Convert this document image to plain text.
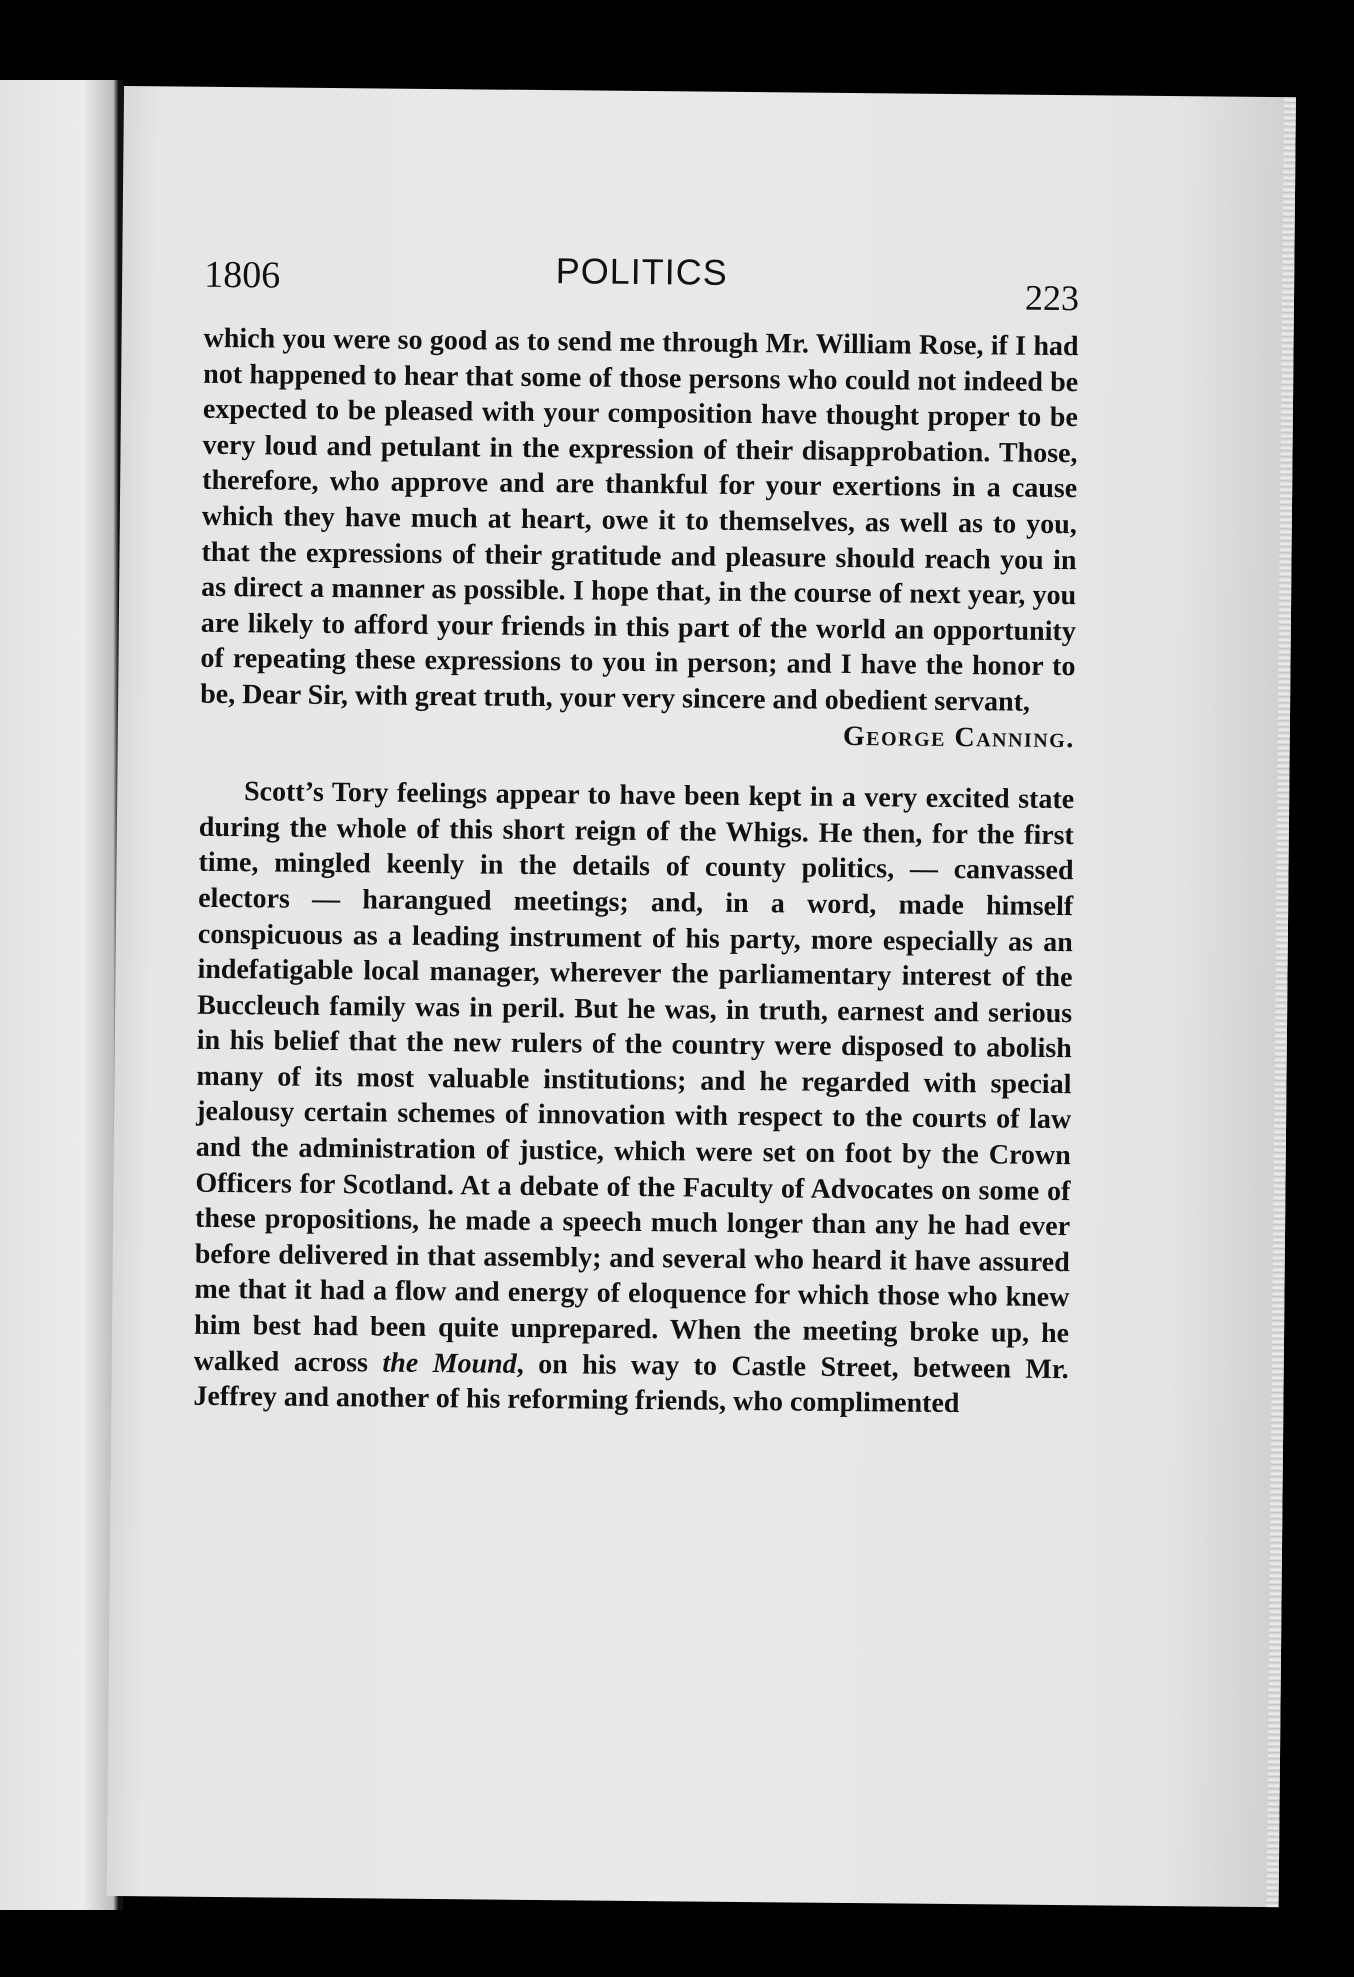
1806	POLITICS
223

which you were so good as to send me through Mr. William Rose, if I had not happened to hear that some of those persons who could not indeed be expected to be pleased with your composition have thought proper to be very loud and petulant in the expression of their disapprobation. Those, therefore, who approve and are thankful for your exertions in a cause which they have much at heart, owe it to themselves, as well as to you, that the expressions of their gratitude and pleasure should reach you in as direct a manner as possible. I hope that, in the course of next year, you are likely to afford your friends in this part of the world an opportunity of repeating these expressions to you in person; and I have the honor to be, Dear Sir, with great truth, your very sincere and obedient servant,

George Canning.

Scott’s Tory feelings appear to have been kept in a very excited state during the whole of this short reign of the Whigs. He then, for the first time, mingled keenly in the details of county politics, — canvassed electors — harangued meetings; and, in a word, made himself conspicuous as a leading instrument of his party, more especially as an indefatigable local manager, wherever the parliamentary interest of the Buccleuch family was in peril. But he was, in truth, earnest and serious in his belief that the new rulers of the country were disposed to abolish many of its most valuable institutions; and he regarded with special jealousy certain schemes of innovation with respect to the courts of law and the administration of justice, which were set on foot by the Crown Officers for Scotland. At a debate of the Faculty of Advocates on some of these propositions, he made a speech much longer than any he had ever before delivered in that assembly; and several who heard it have assured me that it had a flow and energy of eloquence for which those who knew him best had been quite unprepared. When the meeting broke up, he walked across the Mound, on his way to Castle Street, between Mr. Jeffrey and another of his reforming friends, who complimented
